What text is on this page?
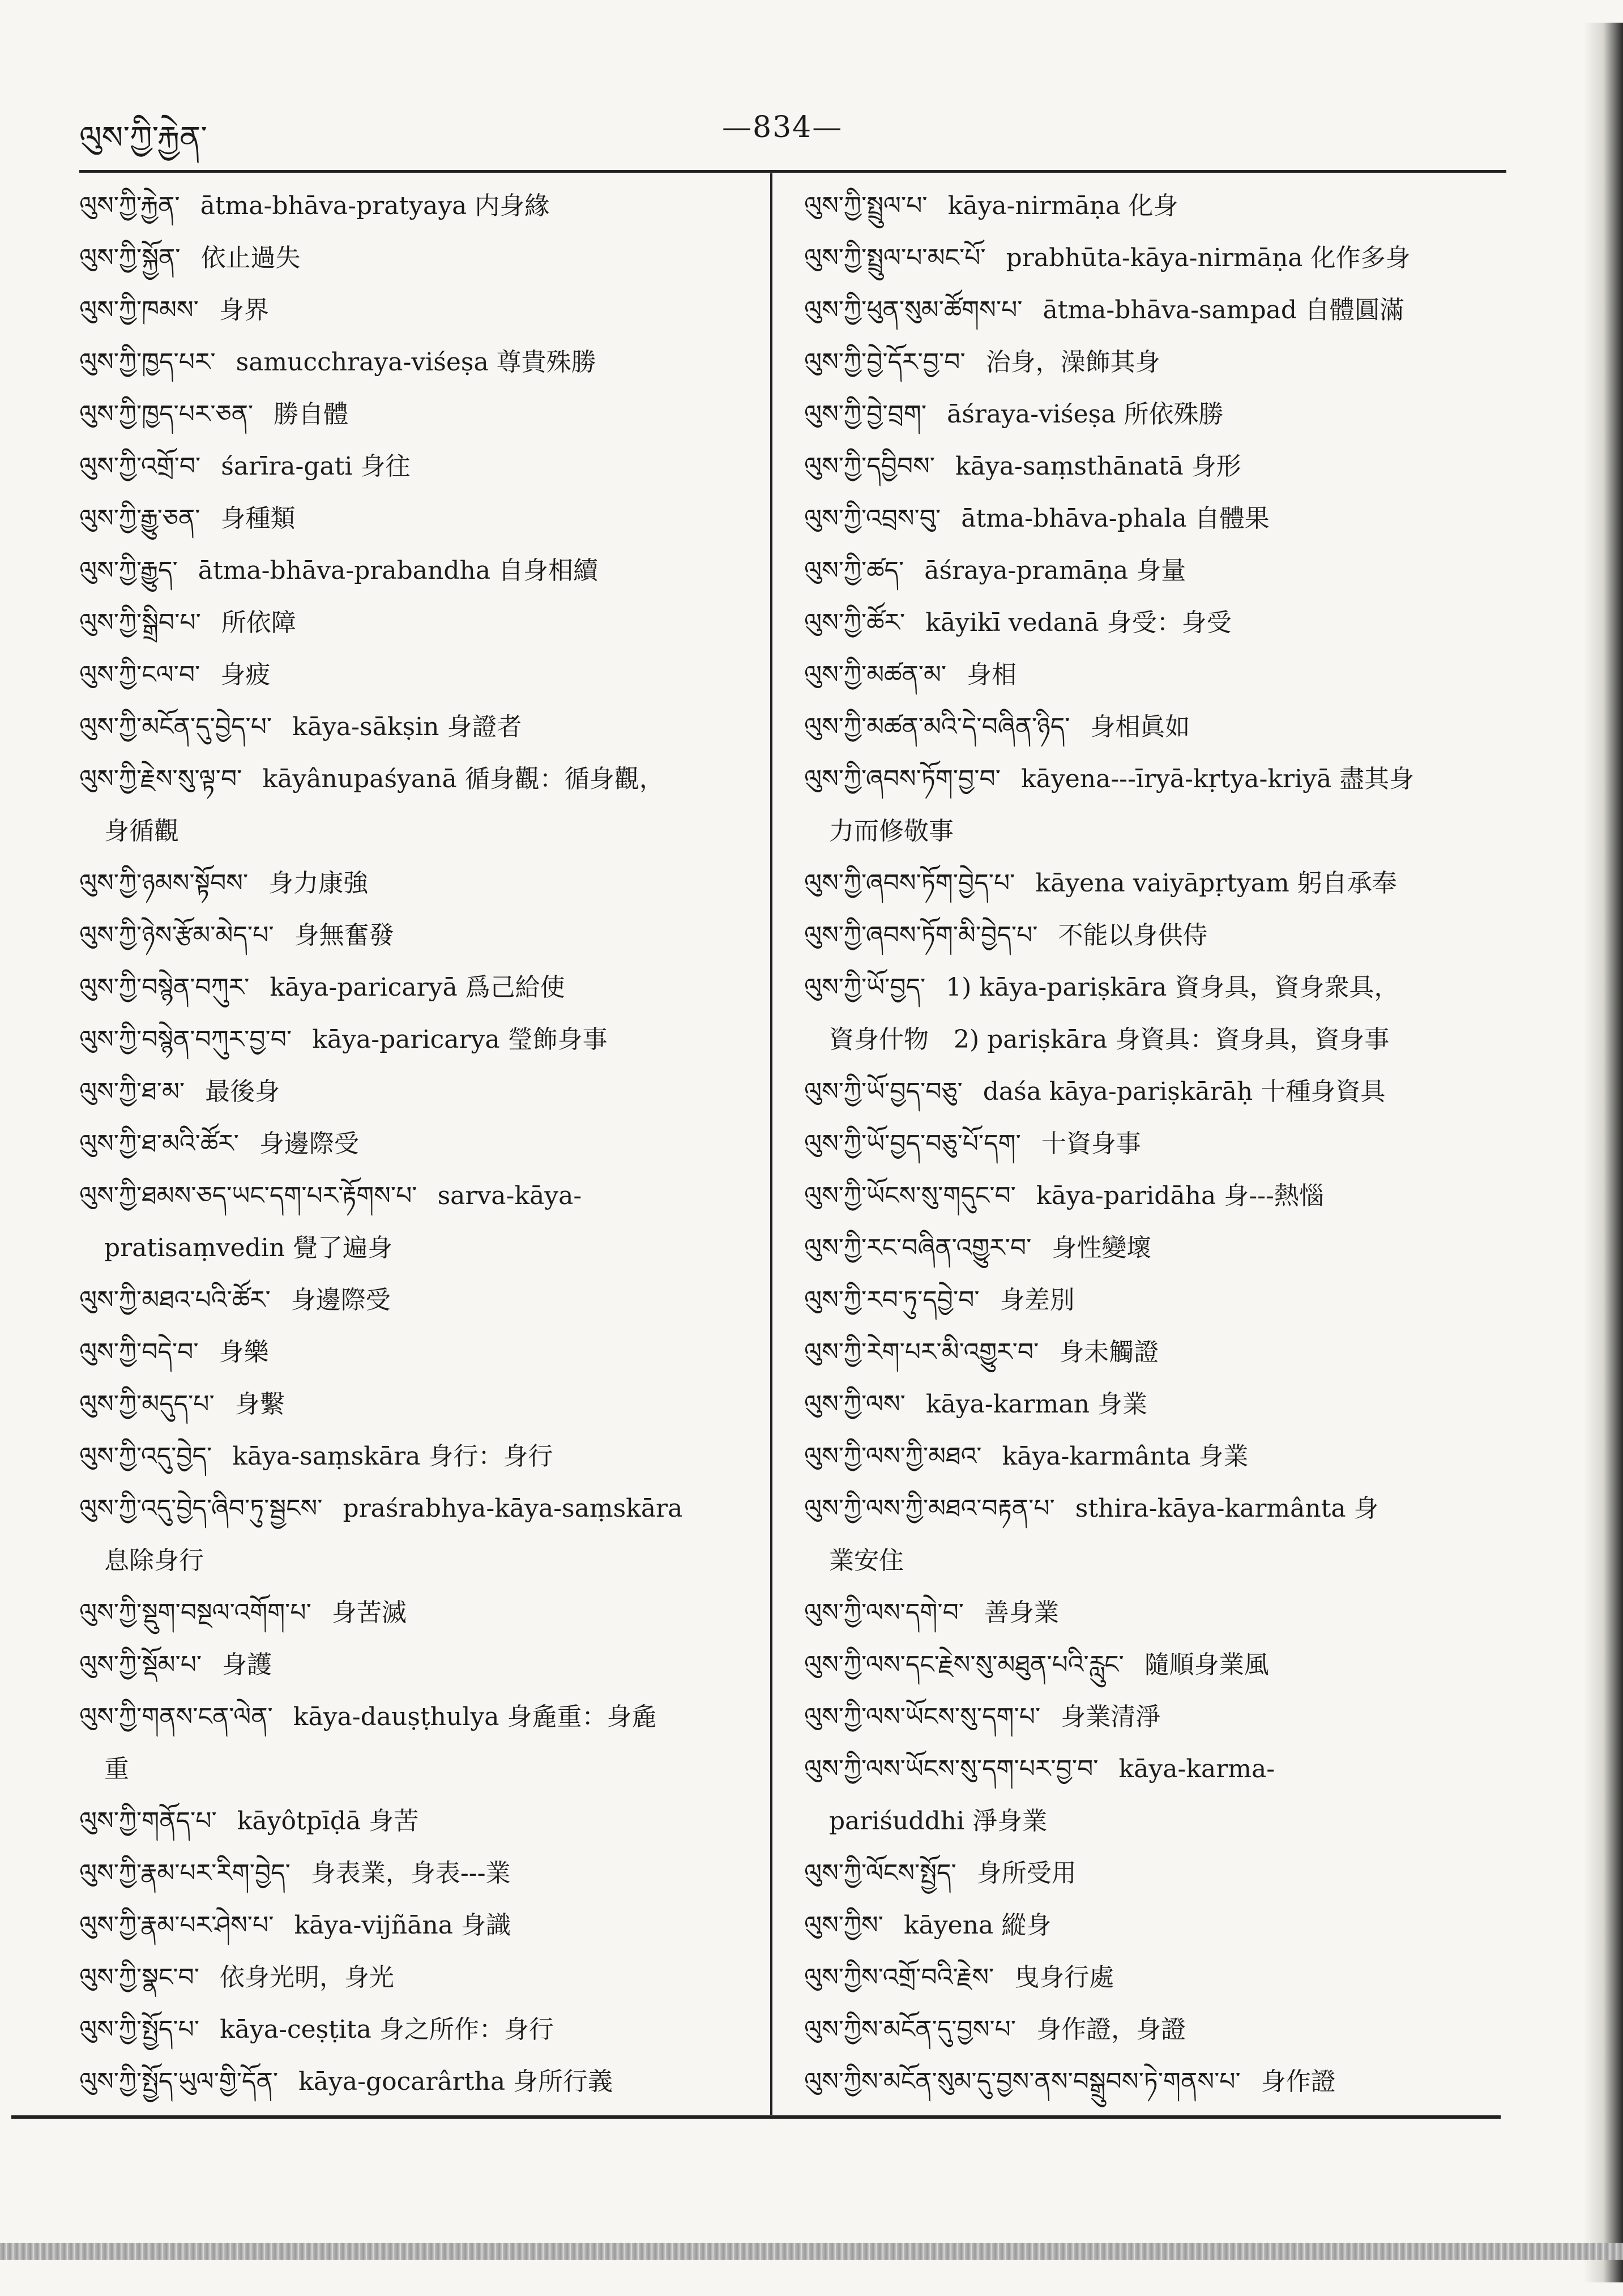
ལུས་ཀྱི་རྐྱེན་	—834—
ལུས་ཀྱི་རྐྱེན་ ātma-bhāva-pratyaya 内身緣
ལུས་ཀྱི་སྐྱོན་ 依止過失
ལུས་ཀྱི་ཁམས་ 身界
ལུས་ཀྱི་ཁྱད་པར་ samucchraya-viśeṣa 尊貴殊勝
ལུས་ཀྱི་ཁྱད་པར་ཅན་ 勝自體
ལུས་ཀྱི་འགྲོ་བ་ śarīra-gati 身往
ལུས་ཀྱི་རྒྱུ་ཅན་ 身種類
ལུས་ཀྱི་རྒྱུད་ ātma-bhāva-prabandha 自身相續
ལུས་ཀྱི་སྒྲིབ་པ་ 所依障
ལུས་ཀྱི་ངལ་བ་ 身疲
ལུས་ཀྱི་མངོན་དུ་བྱེད་པ་ kāya-sākṣin 身證者
ལུས་ཀྱི་རྗེས་སུ་ལྟ་བ་ kāyânupaśyanā 循身觀：循身觀，
身循觀
ལུས་ཀྱི་ཉམས་སྟོབས་ 身力康強
ལུས་ཀྱི་ཉེས་རྩོམ་མེད་པ་ 身無奮發
ལུས་ཀྱི་བསྙེན་བཀུར་ kāya-paricaryā 爲己給使
ལུས་ཀྱི་བསྙེན་བཀུར་བྱ་བ་ kāya-paricarya 瑩飾身事
ལུས་ཀྱི་ཐ་མ་ 最後身
ལུས་ཀྱི་ཐ་མའི་ཚོར་ 身邊際受
ལུས་ཀྱི་ཐམས་ཅད་ཡང་དག་པར་རྟོགས་པ་ sarva-kāya-
pratisaṃvedin 覺了遍身
ལུས་ཀྱི་མཐའ་པའི་ཚོར་ 身邊際受
ལུས་ཀྱི་བདེ་བ་ 身樂
ལུས་ཀྱི་མདུད་པ་ 身繫
ལུས་ཀྱི་འདུ་བྱེད་ kāya-saṃskāra 身行：身行
ལུས་ཀྱི་འདུ་བྱེད་ཞིབ་ཏུ་སྦྱངས་ praśrabhya-kāya-saṃskāra
息除身行
ལུས་ཀྱི་སྡུག་བསྔལ་འགོག་པ་ 身苦滅
ལུས་ཀྱི་སྡོམ་པ་ 身護
ལུས་ཀྱི་གནས་ངན་ལེན་ kāya-dauṣṭhulya 身麁重：身麁
重
ལུས་ཀྱི་གནོད་པ་ kāyôtpīḍā 身苦
ལུས་ཀྱི་རྣམ་པར་རིག་བྱེད་ 身表業，身表---業
ལུས་ཀྱི་རྣམ་པར་ཤེས་པ་ kāya-vijñāna 身識
ལུས་ཀྱི་སྣང་བ་ 依身光明，身光
ལུས་ཀྱི་སྤྱོད་པ་ kāya-ceṣṭita 身之所作：身行
ལུས་ཀྱི་སྤྱོད་ཡུལ་གྱི་དོན་ kāya-gocarârtha 身所行義
ལུས་ཀྱི་སྤྲུལ་པ་ kāya-nirmāṇa 化身
ལུས་ཀྱི་སྤྲུལ་པ་མང་པོ་ prabhūta-kāya-nirmāṇa 化作多身
ལུས་ཀྱི་ཕུན་སུམ་ཚོགས་པ་ ātma-bhāva-sampad 自體圓滿
ལུས་ཀྱི་བྱེ་དོར་བྱ་བ་ 治身，澡飾其身
ལུས་ཀྱི་བྱེ་བྲག་ āśraya-viśeṣa 所依殊勝
ལུས་ཀྱི་དབྱིབས་ kāya-saṃsthānatā 身形
ལུས་ཀྱི་འབྲས་བུ་ ātma-bhāva-phala 自體果
ལུས་ཀྱི་ཚད་ āśraya-pramāṇa 身量
ལུས་ཀྱི་ཚོར་ kāyikī vedanā 身受：身受
ལུས་ཀྱི་མཚན་མ་ 身相
ལུས་ཀྱི་མཚན་མའི་དེ་བཞིན་ཉིད་ 身相眞如
ལུས་ཀྱི་ཞབས་ཏོག་བྱ་བ་ kāyena---īryā-kṛtya-kriyā 盡其身
力而修敬事
ལུས་ཀྱི་ཞབས་ཏོག་བྱེད་པ་ kāyena vaiyāpṛtyam 躬自承奉
ལུས་ཀྱི་ཞབས་ཏོག་མི་བྱེད་པ་ 不能以身供侍
ལུས་ཀྱི་ཡོ་བྱད་ 1) kāya-pariṣkāra 資身具，資身衆具，
資身什物　2) pariṣkāra 身資具：資身具，資身事
ལུས་ཀྱི་ཡོ་བྱད་བཅུ་ daśa kāya-pariṣkārāḥ 十種身資具
ལུས་ཀྱི་ཡོ་བྱད་བཅུ་པོ་དག་ 十資身事
ལུས་ཀྱི་ཡོངས་སུ་གདུང་བ་ kāya-paridāha 身---熱惱
ལུས་ཀྱི་རང་བཞིན་འགྱུར་བ་ 身性變壞
ལུས་ཀྱི་རབ་ཏུ་དབྱེ་བ་ 身差別
ལུས་ཀྱི་རེག་པར་མི་འགྱུར་བ་ 身未觸證
ལུས་ཀྱི་ལས་ kāya-karman 身業
ལུས་ཀྱི་ལས་ཀྱི་མཐའ་ kāya-karmânta 身業
ལུས་ཀྱི་ལས་ཀྱི་མཐའ་བརྟན་པ་ sthira-kāya-karmânta 身
業安住
ལུས་ཀྱི་ལས་དགེ་བ་ 善身業
ལུས་ཀྱི་ལས་དང་རྗེས་སུ་མཐུན་པའི་རླུང་ 隨順身業風
ལུས་ཀྱི་ལས་ཡོངས་སུ་དག་པ་ 身業清淨
ལུས་ཀྱི་ལས་ཡོངས་སུ་དག་པར་བྱ་བ་ kāya-karma-
pariśuddhi 淨身業
ལུས་ཀྱི་ལོངས་སྤྱོད་ 身所受用
ལུས་ཀྱིས་ kāyena 縱身
ལུས་ཀྱིས་འགྲོ་བའི་རྗེས་ 曳身行處
ལུས་ཀྱིས་མངོན་དུ་བྱས་པ་ 身作證，身證
ལུས་ཀྱིས་མངོན་སུམ་དུ་བྱས་ནས་བསྒྲུབས་ཏེ་གནས་པ་ 身作證
